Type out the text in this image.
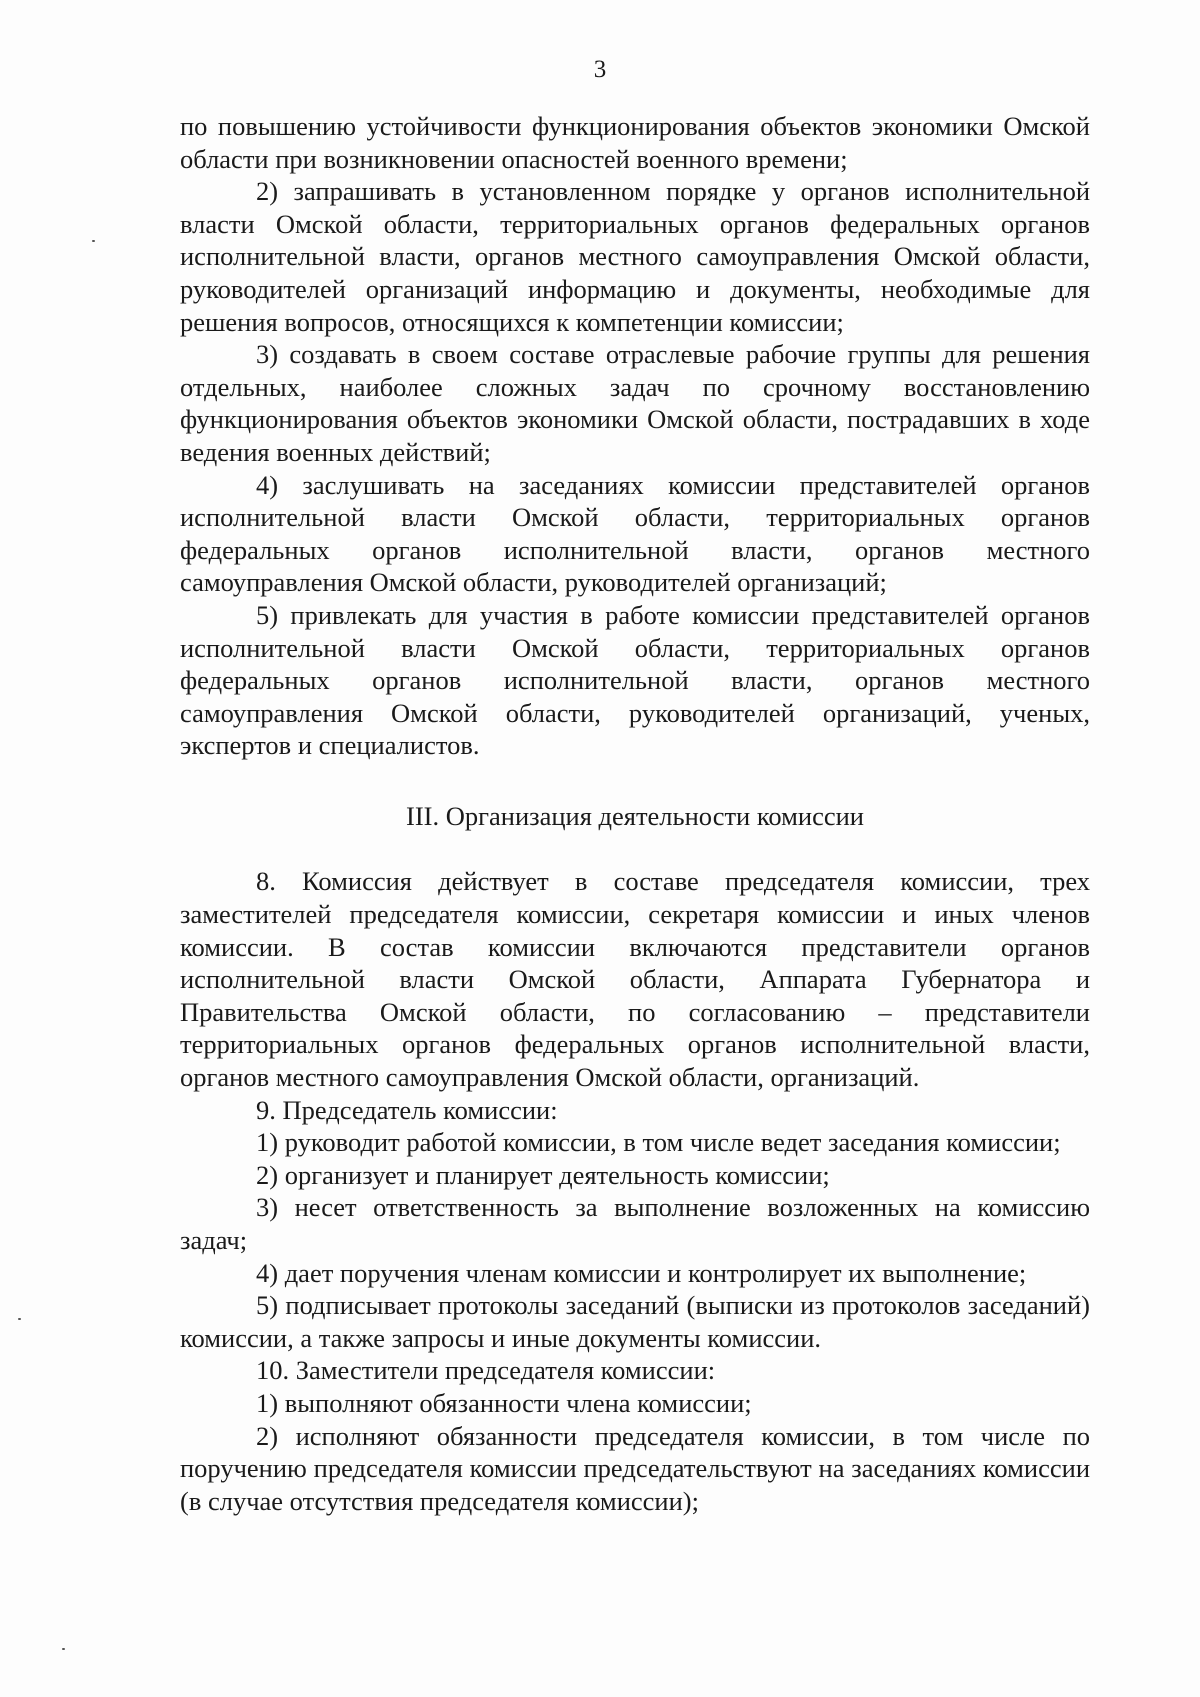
3

по повышению устойчивости функционирования объектов экономики Омской области при возникновении опасностей военного времени;

2) запрашивать в установленном порядке у органов исполнительной власти Омской области, территориальных органов федеральных органов исполнительной власти, органов местного самоуправления Омской области, руководителей организаций информацию и документы, необходимые для решения вопросов, относящихся к компетенции комиссии;

3) создавать в своем составе отраслевые рабочие группы для решения отдельных, наиболее сложных задач по срочному восстановлению функционирования объектов экономики Омской области, пострадавших в ходе ведения военных действий;

4) заслушивать на заседаниях комиссии представителей органов исполнительной власти Омской области, территориальных органов федеральных органов исполнительной власти, органов местного самоуправления Омской области, руководителей организаций;

5) привлекать для участия в работе комиссии представителей органов исполнительной власти Омской области, территориальных органов федеральных органов исполнительной власти, органов местного самоуправления Омской области, руководителей организаций, ученых, экспертов и специалистов.

III. Организация деятельности комиссии

8. Комиссия действует в составе председателя комиссии, трех заместителей председателя комиссии, секретаря комиссии и иных членов комиссии. В состав комиссии включаются представители органов исполнительной власти Омской области, Аппарата Губернатора и Правительства Омской области, по согласованию – представители территориальных органов федеральных органов исполнительной власти, органов местного самоуправления Омской области, организаций.

9. Председатель комиссии:

1) руководит работой комиссии, в том числе ведет заседания комиссии;

2) организует и планирует деятельность комиссии;

3) несет ответственность за выполнение возложенных на комиссию задач;

4) дает поручения членам комиссии и контролирует их выполнение;

5) подписывает протоколы заседаний (выписки из протоколов заседаний) комиссии, а также запросы и иные документы комиссии.

10. Заместители председателя комиссии:

1) выполняют обязанности члена комиссии;

2) исполняют обязанности председателя комиссии, в том числе по поручению председателя комиссии председательствуют на заседаниях комиссии (в случае отсутствия председателя комиссии);
